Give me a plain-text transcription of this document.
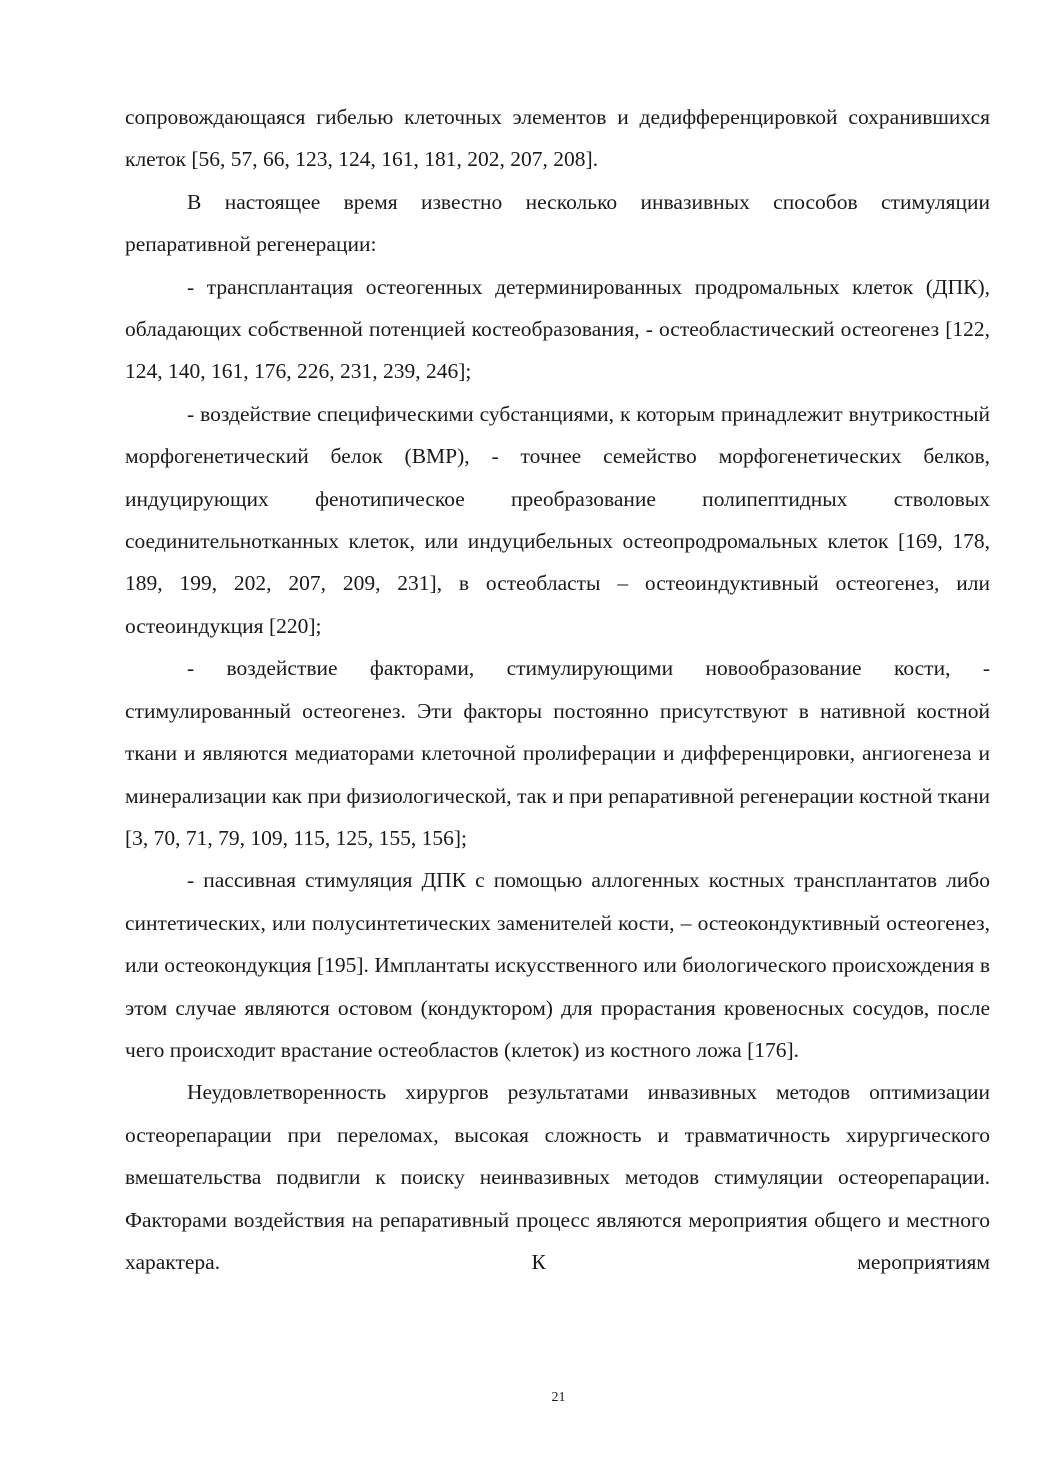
сопровождающаяся гибелью клеточных элементов и дедифференцировкой сохранившихся клеток [56, 57, 66, 123, 124, 161, 181, 202, 207, 208].

В настоящее время известно несколько инвазивных способов стимуляции репаративной регенерации:

- трансплантация остеогенных детерминированных продромальных клеток (ДПК), обладающих собственной потенцией костеобразования, - остеобластический остеогенез [122, 124, 140, 161, 176, 226, 231, 239, 246];

- воздействие специфическими субстанциями, к которым принадлежит внутрикостный морфогенетический белок (BMP), - точнее семейство морфогенетических белков, индуцирующих фенотипическое преобразование полипептидных стволовых соединительнотканных клеток, или индуцибельных остеопродромальных клеток [169, 178, 189, 199, 202, 207, 209, 231], в остеобласты – остеоиндуктивный остеогенез, или остеоиндукция [220];

- воздействие факторами, стимулирующими новообразование кости, - стимулированный остеогенез. Эти факторы постоянно присутствуют в нативной костной ткани и являются медиаторами клеточной пролиферации и дифференцировки, ангиогенеза и минерализации как при физиологической, так и при репаративной регенерации костной ткани [3, 70, 71, 79, 109, 115, 125, 155, 156];

- пассивная стимуляция ДПК с помощью аллогенных костных трансплантатов либо синтетических, или полусинтетических заменителей кости, – остеокондуктивный остеогенез, или остеокондукция [195]. Имплантаты искусственного или биологического происхождения в этом случае являются остовом (кондуктором) для прорастания кровеносных сосудов, после чего происходит врастание остеобластов (клеток) из костного ложа [176].

Неудовлетворенность хирургов результатами инвазивных методов оптимизации остеорепарации при переломах, высокая сложность и травматичность хирургического вмешательства подвигли к поиску неинвазивных методов стимуляции остеорепарации. Факторами воздействия на репаративный процесс являются мероприятия общего и местного характера. К мероприятиям

21
